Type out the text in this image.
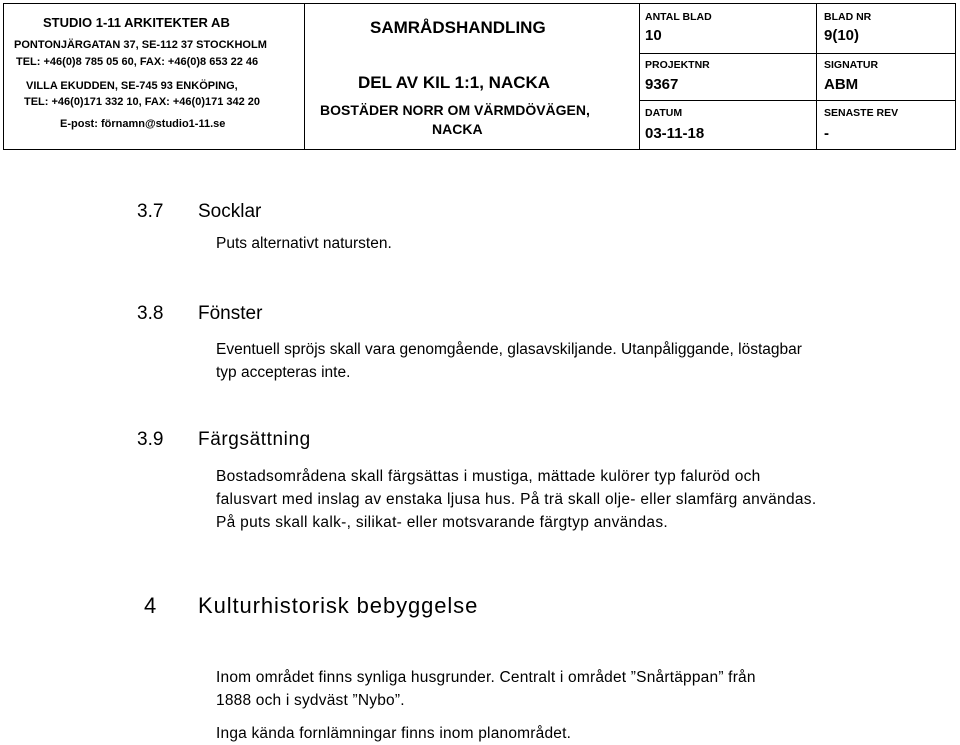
STUDIO 1-11 ARKITEKTER AB
PONTONJÄRGATAN 37, SE-112 37 STOCKHOLM
TEL: +46(0)8 785 05 60, FAX: +46(0)8 653 22 46
VILLA EKUDDEN, SE-745 93 ENKÖPING,
TEL: +46(0)171 332 10, FAX: +46(0)171 342 20
E-post: förnamn@studio1-11.se
SAMRÅDSHANDLING
DEL AV KIL 1:1, NACKA
BOSTÄDER NORR OM VÄRMDÖVÄGEN,
NACKA
ANTAL BLAD
10
BLAD NR
9(10)
PROJEKTNR
9367
SIGNATUR
ABM
DATUM
03-11-18
SENASTE REV
-
3.7 Socklar
Puts alternativt natursten.
3.8 Fönster
Eventuell spröjs skall vara genomgående, glasavskiljande. Utanpåliggande, löstagbar
typ accepteras inte.
3.9 Färgsättning
Bostadsområdena skall färgsättas i mustiga, mättade kulörer typ faluröd och
falusvart med inslag av enstaka ljusa hus. På trä skall olje- eller slamfärg användas.
På puts skall kalk-, silikat- eller motsvarande färgtyp användas.
4 Kulturhistorisk bebyggelse
Inom området finns synliga husgrunder. Centralt i området ”Snårtäppan” från
1888 och i sydväst ”Nybo”.
Inga kända fornlämningar finns inom planområdet.
